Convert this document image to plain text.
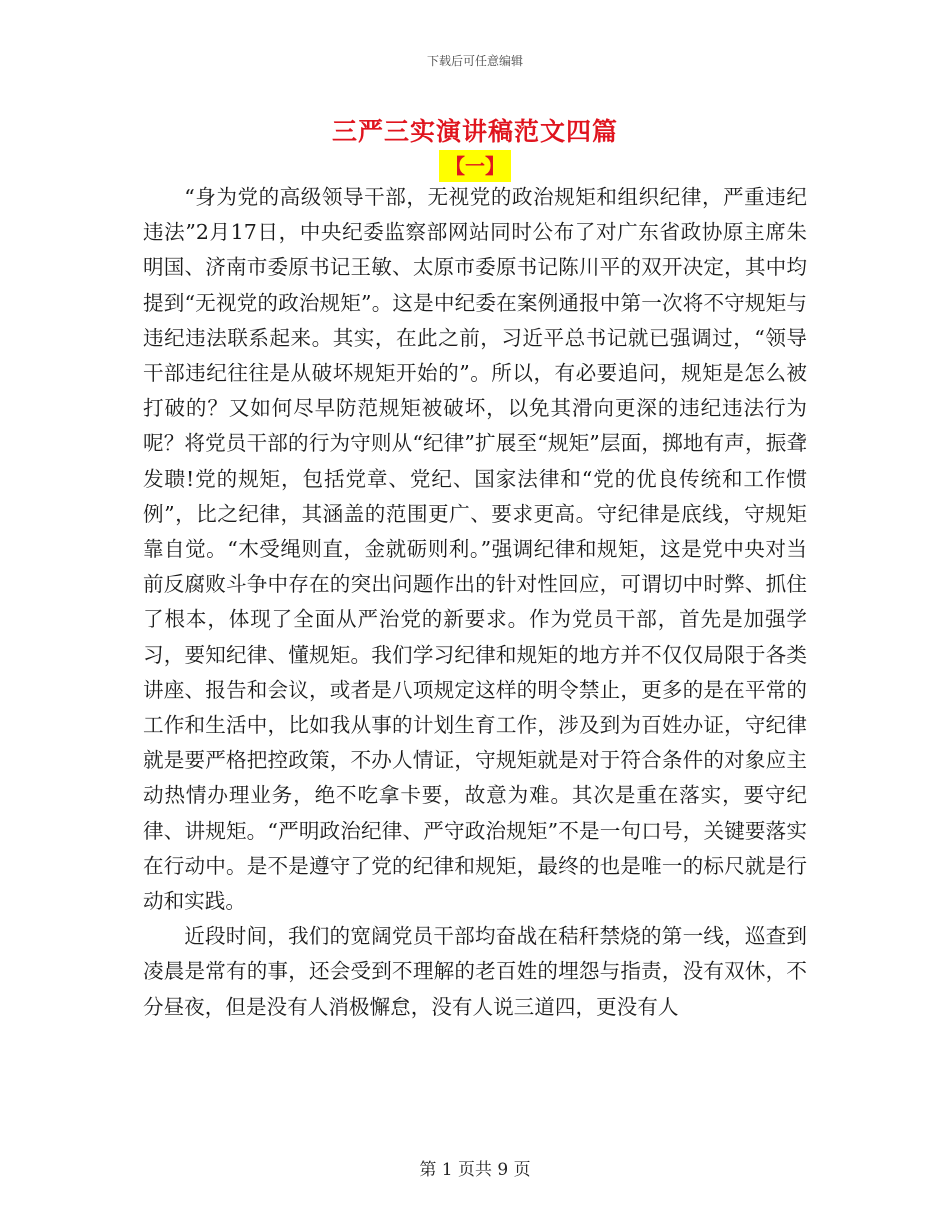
下载后可任意编辑
三严三实演讲稿范文四篇
【一】

“身为党的高级领导干部，无视党的政治规矩和组织纪律，严重违纪违法”2月17日，中央纪委监察部网站同时公布了对广东省政协原主席朱明国、济南市委原书记王敏、太原市委原书记陈川平的双开决定，其中均提到“无视党的政治规矩”。这是中纪委在案例通报中第一次将不守规矩与违纪违法联系起来。其实，在此之前，习近平总书记就已强调过，“领导干部违纪往往是从破坏规矩开始的”。所以，有必要追问，规矩是怎么被打破的？又如何尽早防范规矩被破坏，以免其滑向更深的违纪违法行为呢？将党员干部的行为守则从“纪律”扩展至“规矩”层面，掷地有声，振聋发聩!党的规矩，包括党章、党纪、国家法律和“党的优良传统和工作惯例”，比之纪律，其涵盖的范围更广、要求更高。守纪律是底线，守规矩靠自觉。“木受绳则直，金就砺则利。”强调纪律和规矩，这是党中央对当前反腐败斗争中存在的突出问题作出的针对性回应，可谓切中时弊、抓住了根本，体现了全面从严治党的新要求。作为党员干部，首先是加强学习，要知纪律、懂规矩。我们学习纪律和规矩的地方并不仅仅局限于各类讲座、报告和会议，或者是八项规定这样的明令禁止，更多的是在平常的工作和生活中，比如我从事的计划生育工作，涉及到为百姓办证，守纪律就是要严格把控政策，不办人情证，守规矩就是对于符合条件的对象应主动热情办理业务，绝不吃拿卡要，故意为难。其次是重在落实，要守纪律、讲规矩。“严明政治纪律、严守政治规矩”不是一句口号，关键要落实在行动中。是不是遵守了党的纪律和规矩，最终的也是唯一的标尺就是行动和实践。

近段时间，我们的宽阔党员干部均奋战在秸秆禁烧的第一线，巡查到凌晨是常有的事，还会受到不理解的老百姓的埋怨与指责，没有双休，不分昼夜，但是没有人消极懈怠，没有人说三道四，更没有人

第 1 页共 9 页
